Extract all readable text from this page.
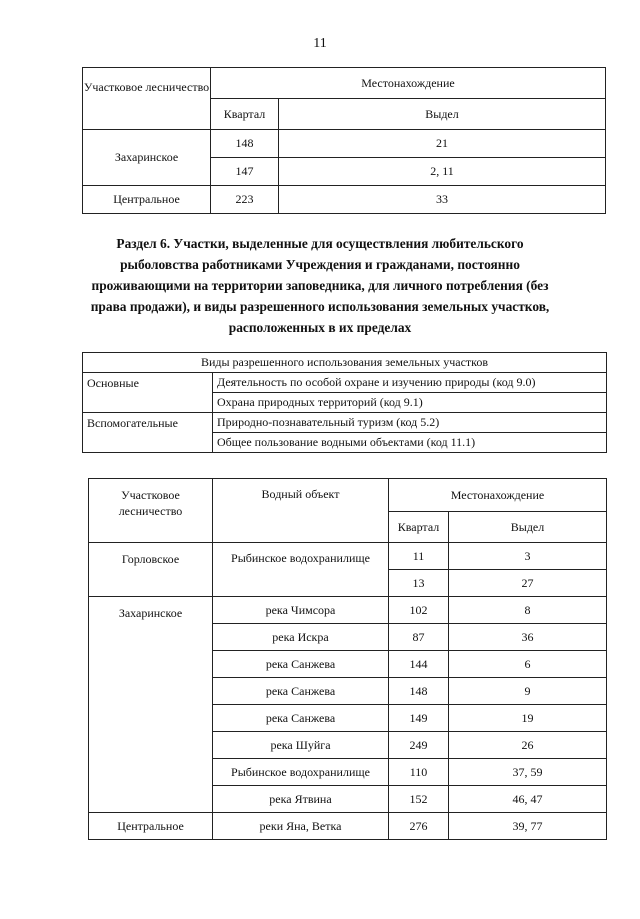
11
Участковое лесничество	Местонахождение	
	Квартал	Выдел
Захаринское	148	21
	147	2, 11
Центральное	223	33
Раздел 6. Участки, выделенные для осуществления любительского рыболовства работниками Учреждения и гражданами, постоянно проживающими на территории заповедника, для личного потребления (без права продажи), и виды разрешенного использования земельных участков, расположенных в их пределах
Виды разрешенного использования земельных участков	
Основные	Деятельность по особой охране и изучению природы (код 9.0)
	Охрана природных территорий (код 9.1)
Вспомогательные	Природно-познавательный туризм (код 5.2)
	Общее пользование водными объектами (код 11.1)
Участковое лесничество	Водный объект	Местонахождение	
		Квартал	Выдел
Горловское	Рыбинское водохранилище	11	3
		13	27
Захаринское	река Чимсора	102	8
	река Искра	87	36
	река Санжева	144	6
	река Санжева	148	9
	река Санжева	149	19
	река Шуйга	249	26
	Рыбинское водохранилище	110	37, 59
	река Ятвина	152	46, 47
Центральное	реки Яна, Ветка	276	39, 77
